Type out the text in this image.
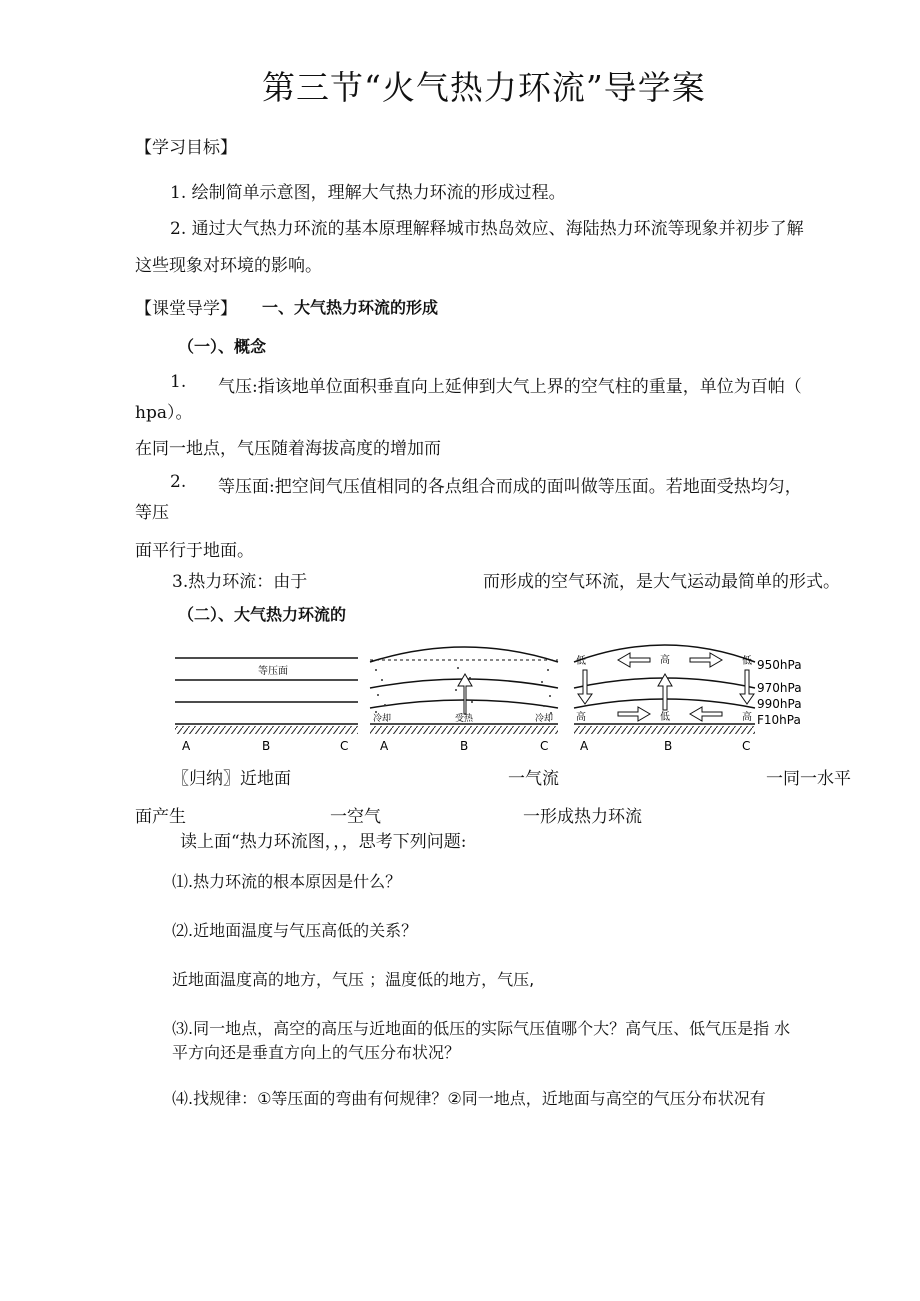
第三节“火气热力环流”导学案
【学习目标】
1. 绘制简单示意图，理解大气热力环流的形成过程。
2. 通过大气热力环流的基本原理解释城市热岛效应、海陆热力环流等现象并初步了解
这些现象对环境的影响。
【课堂导学】 一、大气热力环流的形成
（一）、概念
1. 气压:指该地单位面积垂直向上延伸到大气上界的空气柱的重量，单位为百帕（
hpa）。
在同一地点，气压随着海拔高度的增加而
2. 等压面:把空间气压值相同的各点组合而成的面叫做等压面。若地面受热均匀，
等压
面平行于地面。
3.热力环流：由于	而形成的空气环流，是大气运动最简单的形式。
（二）、大气热力环流的
等压面
A	B	C
冷却	受热	冷却
A	B	C
高
低
低	低
高	高
A	B	C
950hPa
970hPa
990hPa
F10hPa
〖归纳〗近地面	一气流	一同一水平
面产生	一空气	一形成热力环流
读上面“热力环流图，，，思考下列问题:
⑴.热力环流的根本原因是什么？
⑵.近地面温度与气压高低的关系？
近地面温度高的地方，气压 ；温度低的地方，气压,
⑶.同一地点，高空的高压与近地面的低压的实际气压值哪个大？高气压、低气压是指 水
平方向还是垂直方向上的气压分布状况？
⑷.找规律：①等压面的弯曲有何规律？②同一地点，近地面与高空的气压分布状况有
